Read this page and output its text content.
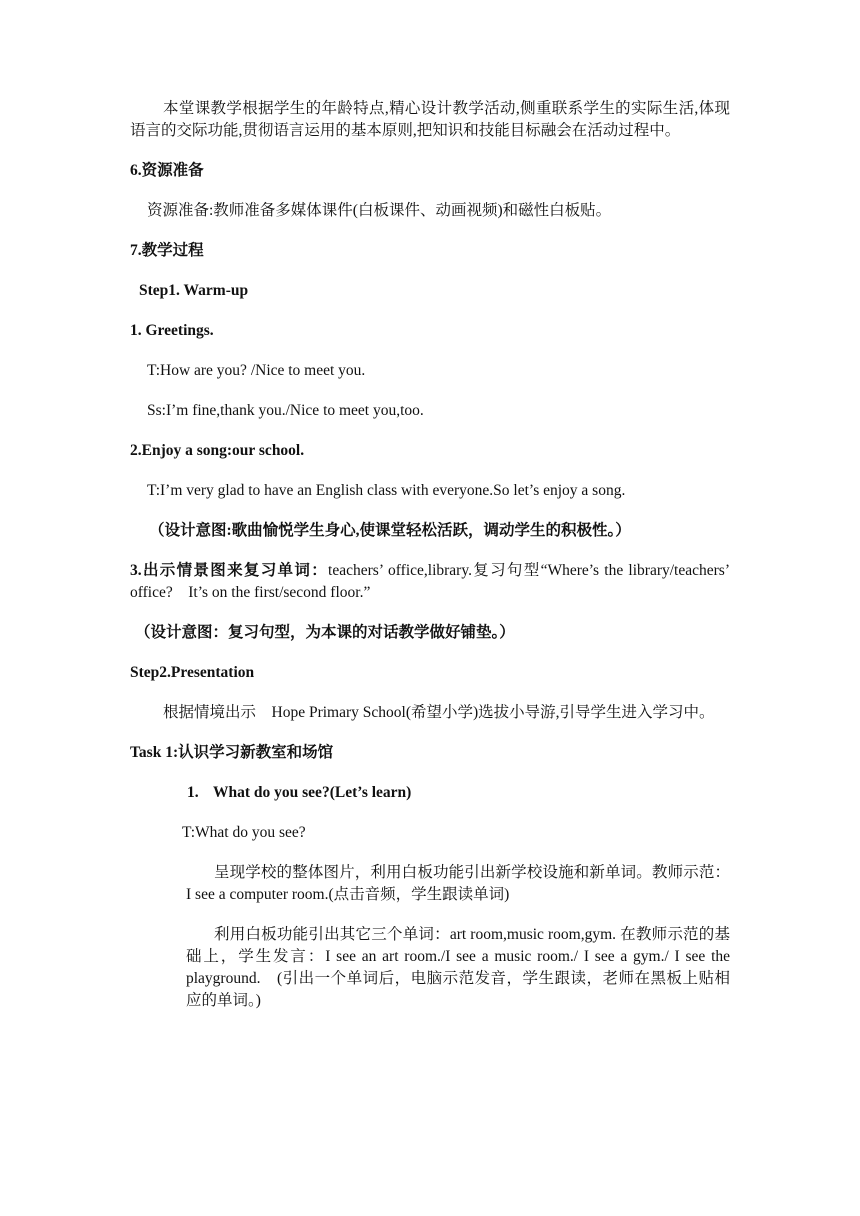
本堂课教学根据学生的年龄特点,精心设计教学活动,侧重联系学生的实际生活,体现语言的交际功能,贯彻语言运用的基本原则,把知识和技能目标融会在活动过程中。

6.资源准备

资源准备:教师准备多媒体课件(白板课件、动画视频)和磁性白板贴。

7.教学过程

Step1. Warm-up

1. Greetings.

T:How are you? /Nice to meet you.

Ss:I’m fine,thank you./Nice to meet you,too.

2.Enjoy a song:our school.

T:I’m very glad to have an English class with everyone.So let’s enjoy a song.

（设计意图:歌曲愉悦学生身心,使课堂轻松活跃，调动学生的积极性。）

3.出示情景图来复习单词：teachers’ office,library.复习句型“Where’s the library/teachers’ office?　It’s on the first/second floor.”

（设计意图：复习句型，为本课的对话教学做好铺垫。）

Step2.Presentation

根据情境出示　Hope Primary School(希望小学)选拔小导游,引导学生进入学习中。

Task 1:认识学习新教室和场馆

1. What do you see?(Let’s learn)

T:What do you see?

呈现学校的整体图片，利用白板功能引出新学校设施和新单词。教师示范：I see a computer room.(点击音频，学生跟读单词)

利用白板功能引出其它三个单词：art room,music room,gym. 在教师示范的基础上，学生发言：I see an art room./I see a music room./ I see a gym./ I see the playground.　(引出一个单词后，电脑示范发音，学生跟读，老师在黑板上贴相应的单词。)
